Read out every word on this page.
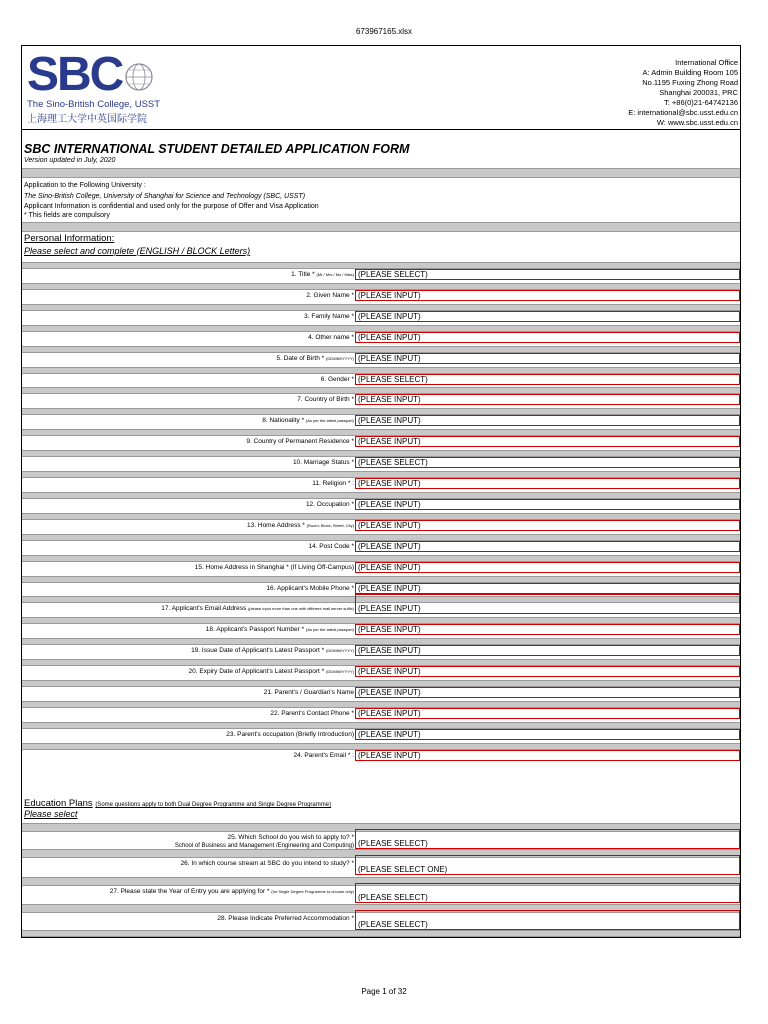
673967165.xlsx
SBC
The Sino-British College, USST
上海理工大学中英国际学院
International Office
A: Admin Building Room 105
No.1195 Fuxing Zhong Road
Shanghai 200031, PRC
T: +86(0)21-64742136
E: international@sbc.usst.edu.cn
W: www.sbc.usst.edu.cn
SBC INTERNATIONAL STUDENT DETAILED APPLICATION FORM
Version updated in July, 2020
Application to the Following University :
The Sino-British College, University of Shanghai for Science and Technology (SBC, USST)
Applicant Information is confidential and used only for the purpose of Offer and Visa Application
* This fields are compulsory
Personal Information:
Please select and complete (ENGLISH / BLOCK Letters)
1. Title * (Mr / Mrs / Ms / Miss) (PLEASE SELECT)
2. Given Name * (PLEASE INPUT)
3. Family Name * (PLEASE INPUT)
4. Other name * (PLEASE INPUT)
5. Date of Birth * (DD/MM/YYYY) (PLEASE INPUT)
6. Gender * (PLEASE SELECT)
7. Country of Birth * (PLEASE INPUT)
8. Nationality * (As per the latest passport) (PLEASE INPUT)
9. Country of Permanent Residence * (PLEASE INPUT)
10. Marriage Status * (PLEASE SELECT)
11. Religion * : (PLEASE INPUT)
12. Occupation * (PLEASE INPUT)
13. Home Address * (Room; Block; Street; City) (PLEASE INPUT)
14. Post Code * (PLEASE INPUT)
15. Home Address in Shanghai * (If Living Off-Campus) (PLEASE INPUT)
16. Applicant's Mobile Phone * (PLEASE INPUT)
17. Applicant's Email Address (please input more than one with different mail server suffix) (PLEASE INPUT)
18. Applicant's Passport Number * (As per the latest passport) (PLEASE INPUT)
19. Issue Date of Applicant's Latest Passport * (DD/MM/YYYY) (PLEASE INPUT)
20. Expiry Date of Applicant's Latest Passport * (DD/MM/YYYY) (PLEASE INPUT)
21. Parent's / Guardian's Name (PLEASE INPUT)
22. Parent's Contact Phone * (PLEASE INPUT)
23. Parent's occupation (Briefly Introduction) (PLEASE INPUT)
24. Parent's Email * : (PLEASE INPUT)
Education Plans (Some questions apply to both Dual Degree Programme and Single Degree Programme)
Please select
25. Which School do you wish to apply to? *
School of Business and Management /Engineering and Computing) (PLEASE SELECT)
26. In which course stream at SBC do you intend to study? *
(PLEASE SELECT ONE)
27. Please state the Year of Entry you are applying for * (for Single Degree Programme to choose only)
(PLEASE SELECT)
28. Please Indicate Preferred Accommodation *
(PLEASE SELECT)
Page 1 of 32
